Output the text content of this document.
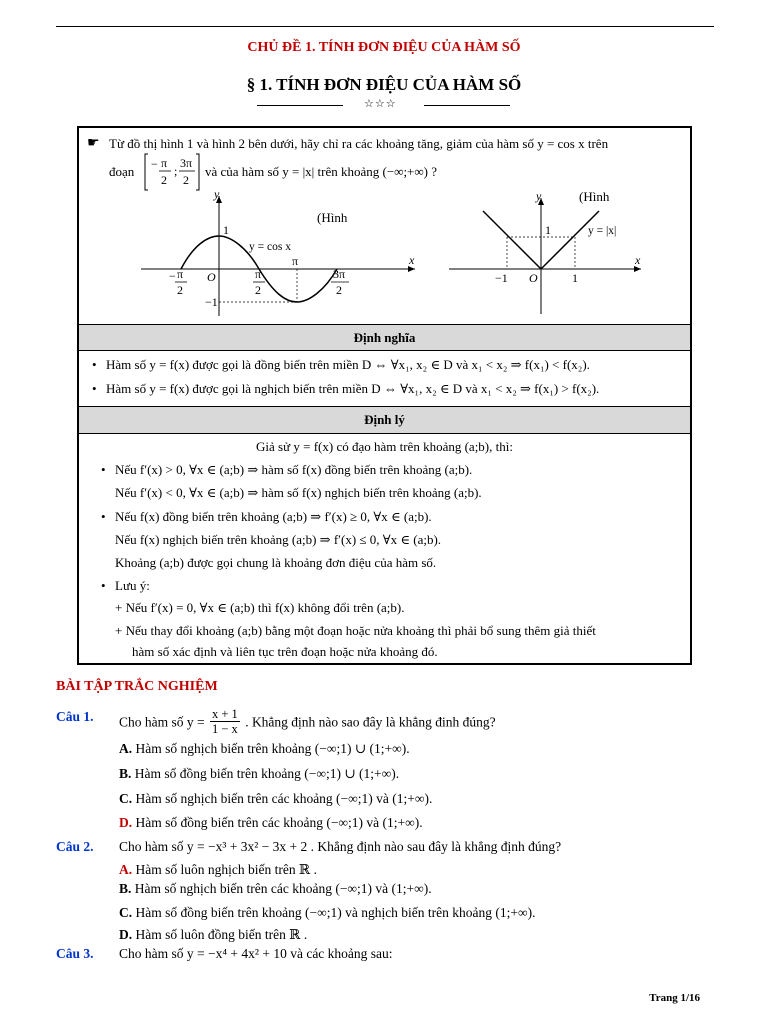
CHỦ ĐỀ 1. TÍNH ĐƠN ĐIỆU CỦA HÀM SỐ
§ 1. TÍNH ĐƠN ĐIỆU CỦA HÀM SỐ
☆☆☆
☛ Từ đồ thị hình 1 và hình 2 bên dưới, hãy chỉ ra các khoảng tăng, giảm của hàm số y = cos x trên
đoạn − π
2
;
3π
2
và của hàm số y = |x| trên khoảng (−∞;+∞) ?
y
x
O
1
−1
y = cos x
(Hình
− π
2
π
2
π
3π
2
y
x
O
1
−1	1
y = |x|
(Hình
Định nghĩa
• Hàm số y = f(x) được gọi là đồng biến trên miền D ⇔ ∀x₁, x₂ ∈ D và x₁ < x₂ ⇒ f(x₁) < f(x₂).
• Hàm số y = f(x) được gọi là nghịch biến trên miền D ⇔ ∀x₁, x₂ ∈ D và x₁ < x₂ ⇒ f(x₁) > f(x₂).
Định lý
Giả sử y = f(x) có đạo hàm trên khoảng (a;b), thì:
• Nếu f′(x) > 0, ∀x ∈ (a;b) ⇒ hàm số f(x) đồng biến trên khoảng (a;b).
Nếu f′(x) < 0, ∀x ∈ (a;b) ⇒ hàm số f(x) nghịch biến trên khoảng (a;b).
• Nếu f(x) đồng biến trên khoảng (a;b) ⇒ f′(x) ≥ 0, ∀x ∈ (a;b).
Nếu f(x) nghịch biến trên khoảng (a;b) ⇒ f′(x) ≤ 0, ∀x ∈ (a;b).
Khoảng (a;b) được gọi chung là khoảng đơn điệu của hàm số.
• Lưu ý:
+ Nếu f′(x) = 0, ∀x ∈ (a;b) thì f(x) không đổi trên (a;b).
+ Nếu thay đổi khoảng (a;b) bằng một đoạn hoặc nửa khoảng thì phải bổ sung thêm giả thiết
hàm số xác định và liên tục trên đoạn hoặc nửa khoảng đó.
BÀI TẬP TRẮC NGHIỆM
Câu 1. Cho hàm số $y = \frac{x + 1}{1 - x}$ . Khẳng định nào sao đây là khẳng đinh đúng?
A. Hàm số nghịch biến trên khoảng (−∞;1) ∪ (1;+∞).
B. Hàm số đồng biến trên khoảng (−∞;1) ∪ (1;+∞).
C. Hàm số nghịch biến trên các khoảng (−∞;1) và (1;+∞).
D. Hàm số đồng biến trên các khoảng (−∞;1) và (1;+∞).
Câu 2. Cho hàm số y = −x³ + 3x² − 3x + 2 . Khẳng định nào sau đây là khẳng định đúng?
A. Hàm số luôn nghịch biến trên ℝ .
B. Hàm số nghịch biến trên các khoảng (−∞;1) và (1;+∞).
C. Hàm số đồng biến trên khoảng (−∞;1) và nghịch biến trên khoảng (1;+∞).
D. Hàm số luôn đồng biến trên ℝ .
Câu 3. Cho hàm số y = −x⁴ + 4x² + 10 và các khoảng sau:
Trang 1/16
